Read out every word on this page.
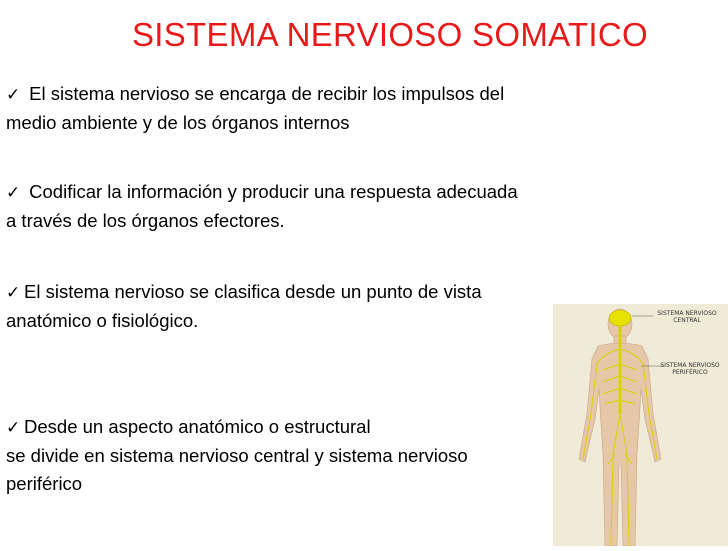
SISTEMA NERVIOSO SOMATICO
✓ El sistema nervioso se encarga de recibir los impulsos del
medio ambiente y de los órganos internos
✓ Codificar la información y producir una respuesta adecuada
a través de los órganos efectores.
✓ El sistema nervioso se clasifica desde un punto de vista
anatómico o fisiológico.
✓ Desde un aspecto anatómico o estructural
se divide en sistema nervioso central y sistema nervioso
periférico
SISTEMA NERVIOSO CENTRAL
SISTEMA NERVIOSO PERIFÉRICO
